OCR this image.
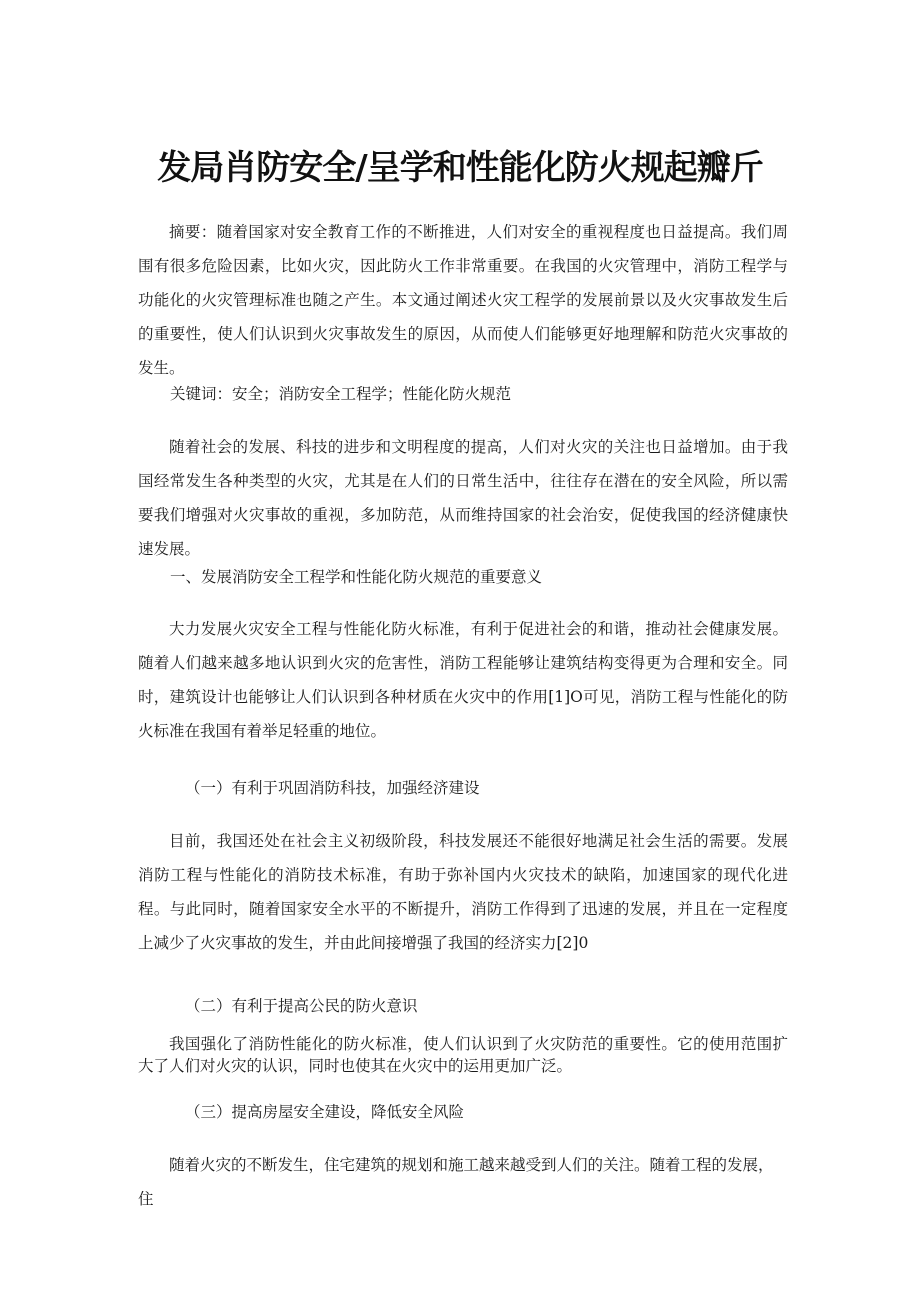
发局肖防安全/呈学和性能化防火规起瓣斤
摘要：随着国家对安全教育工作的不断推进，人们对安全的重视程度也日益提高。我们周围有很多危险因素，比如火灾，因此防火工作非常重要。在我国的火灾管理中，消防工程学与功能化的火灾管理标准也随之产生。本文通过阐述火灾工程学的发展前景以及火灾事故发生后的重要性，使人们认识到火灾事故发生的原因，从而使人们能够更好地理解和防范火灾事故的发生。
关键词：安全；消防安全工程学；性能化防火规范
随着社会的发展、科技的进步和文明程度的提高，人们对火灾的关注也日益增加。由于我国经常发生各种类型的火灾，尤其是在人们的日常生活中，往往存在潜在的安全风险，所以需要我们增强对火灾事故的重视，多加防范，从而维持国家的社会治安，促使我国的经济健康快速发展。
一、发展消防安全工程学和性能化防火规范的重要意义
大力发展火灾安全工程与性能化防火标准，有利于促进社会的和谐，推动社会健康发展。随着人们越来越多地认识到火灾的危害性，消防工程能够让建筑结构变得更为合理和安全。同时，建筑设计也能够让人们认识到各种材质在火灾中的作用[1]O可见，消防工程与性能化的防火标准在我国有着举足轻重的地位。
（一）有利于巩固消防科技，加强经济建设
目前，我国还处在社会主义初级阶段，科技发展还不能很好地满足社会生活的需要。发展消防工程与性能化的消防技术标准，有助于弥补国内火灾技术的缺陷，加速国家的现代化进程。与此同时，随着国家安全水平的不断提升，消防工作得到了迅速的发展，并且在一定程度上减少了火灾事故的发生，并由此间接增强了我国的经济实力[2]0
（二）有利于提高公民的防火意识
我国强化了消防性能化的防火标准，使人们认识到了火灾防范的重要性。它的使用范围扩大了人们对火灾的认识，同时也使其在火灾中的运用更加广泛。
（三）提高房屋安全建设，降低安全风险
随着火灾的不断发生，住宅建筑的规划和施工越来越受到人们的关注。随着工程的发展，住
